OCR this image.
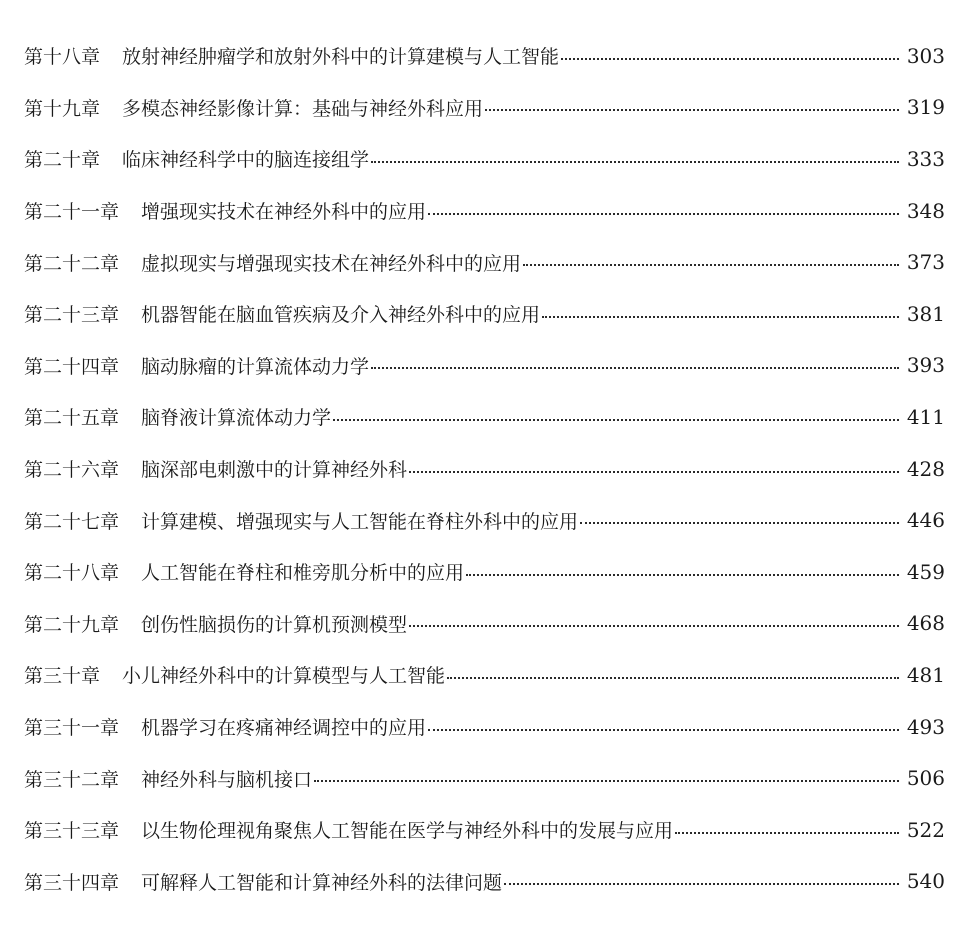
第十八章 放射神经肿瘤学和放射外科中的计算建模与人工智能	303
第十九章 多模态神经影像计算：基础与神经外科应用	319
第二十章 临床神经科学中的脑连接组学	333
第二十一章 增强现实技术在神经外科中的应用	348
第二十二章 虚拟现实与增强现实技术在神经外科中的应用	373
第二十三章 机器智能在脑血管疾病及介入神经外科中的应用	381
第二十四章 脑动脉瘤的计算流体动力学	393
第二十五章 脑脊液计算流体动力学	411
第二十六章 脑深部电刺激中的计算神经外科	428
第二十七章 计算建模、增强现实与人工智能在脊柱外科中的应用	446
第二十八章 人工智能在脊柱和椎旁肌分析中的应用	459
第二十九章 创伤性脑损伤的计算机预测模型	468
第三十章 小儿神经外科中的计算模型与人工智能	481
第三十一章 机器学习在疼痛神经调控中的应用	493
第三十二章 神经外科与脑机接口	506
第三十三章 以生物伦理视角聚焦人工智能在医学与神经外科中的发展与应用	522
第三十四章 可解释人工智能和计算神经外科的法律问题	540
